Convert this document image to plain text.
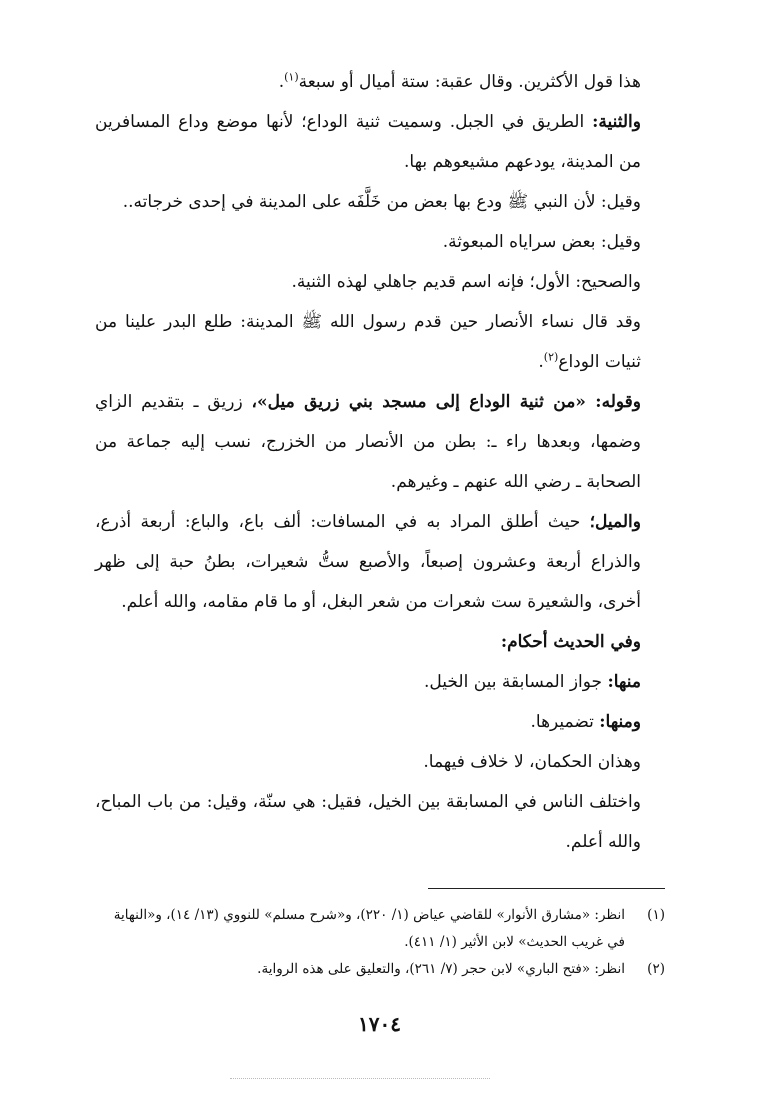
هذا قول الأكثرين. وقال عقبة: ستة أميال أو سبعة$^{(١)}$.

والثنية: الطريق في الجبل. وسميت ثنية الوداع؛ لأنها موضع وداع المسافرين من المدينة، يودعهم مشيعوهم بها.

وقيل: لأن النبي ﷺ ودع بها بعض من خَلَّفَه على المدينة في إحدى خرجاته..

وقيل: بعض سراياه المبعوثة.

والصحيح: الأول؛ فإنه اسم قديم جاهلي لهذه الثنية.

وقد قال نساء الأنصار حين قدم رسول الله ﷺ المدينة: طلع البدر علينا من ثنيات الوداع$^{(٢)}$.

وقوله: «من ثنية الوداع إلى مسجد بني زريق ميل»، زريق ـ بتقديم الزاي وضمها، وبعدها راء ـ: بطن من الأنصار من الخزرج، نسب إليه جماعة من الصحابة ـ رضي الله عنهم ـ وغيرهم.

والميل؛ حيث أطلق المراد به في المسافات: ألف باع، والباع: أربعة أذرع، والذراع أربعة وعشرون إصبعاً، والأصبع ستُّ شعيرات، بطنُ حبة إلى ظهر أخرى، والشعيرة ست شعرات من شعر البغل، أو ما قام مقامه، والله أعلم.

وفي الحديث أحكام:

منها: جواز المسابقة بين الخيل.

ومنها: تضميرها.

وهذان الحكمان، لا خلاف فيهما.

واختلف الناس في المسابقة بين الخيل، فقيل: هي سنّة، وقيل: من باب المباح، والله أعلم.

(١)انظر: «مشارق الأنوار» للقاضي عياض (١/ ٢٢٠)، و«شرح مسلم» للنووي (١٣/ ١٤)، و«النهاية في غريب الحديث» لابن الأثير (١/ ٤١١).

(٢)انظر: «فتح الباري» لابن حجر (٧/ ٢٦١)، والتعليق على هذه الرواية.

١٧٠٤
